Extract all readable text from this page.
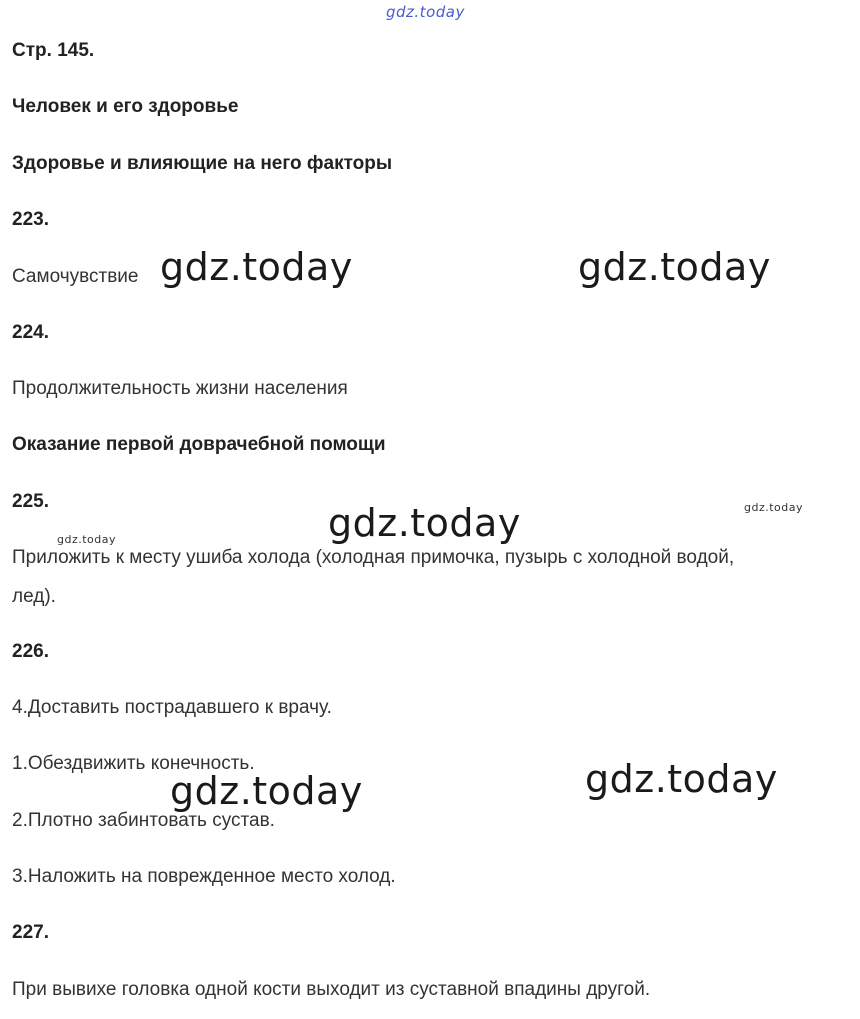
gdz.today
Стр. 145.
Человек и его здоровье
Здоровье и влияющие на него факторы
223.
Самочувствие
224.
Продолжительность жизни населения
Оказание первой доврачебной помощи
225.
Приложить к месту ушиба холода (холодная примочка, пузырь с холодной водой,
лед).
226.
4.Доставить пострадавшего к врачу.
1.Обездвижить конечность.
2.Плотно забинтовать сустав.
3.Наложить на поврежденное место холод.
227.
При вывихе головка одной кости выходит из суставной впадины другой.
gdz.today	gdz.today
gdz.today	gdz.today
gdz.today
gdz.today	gdz.today
